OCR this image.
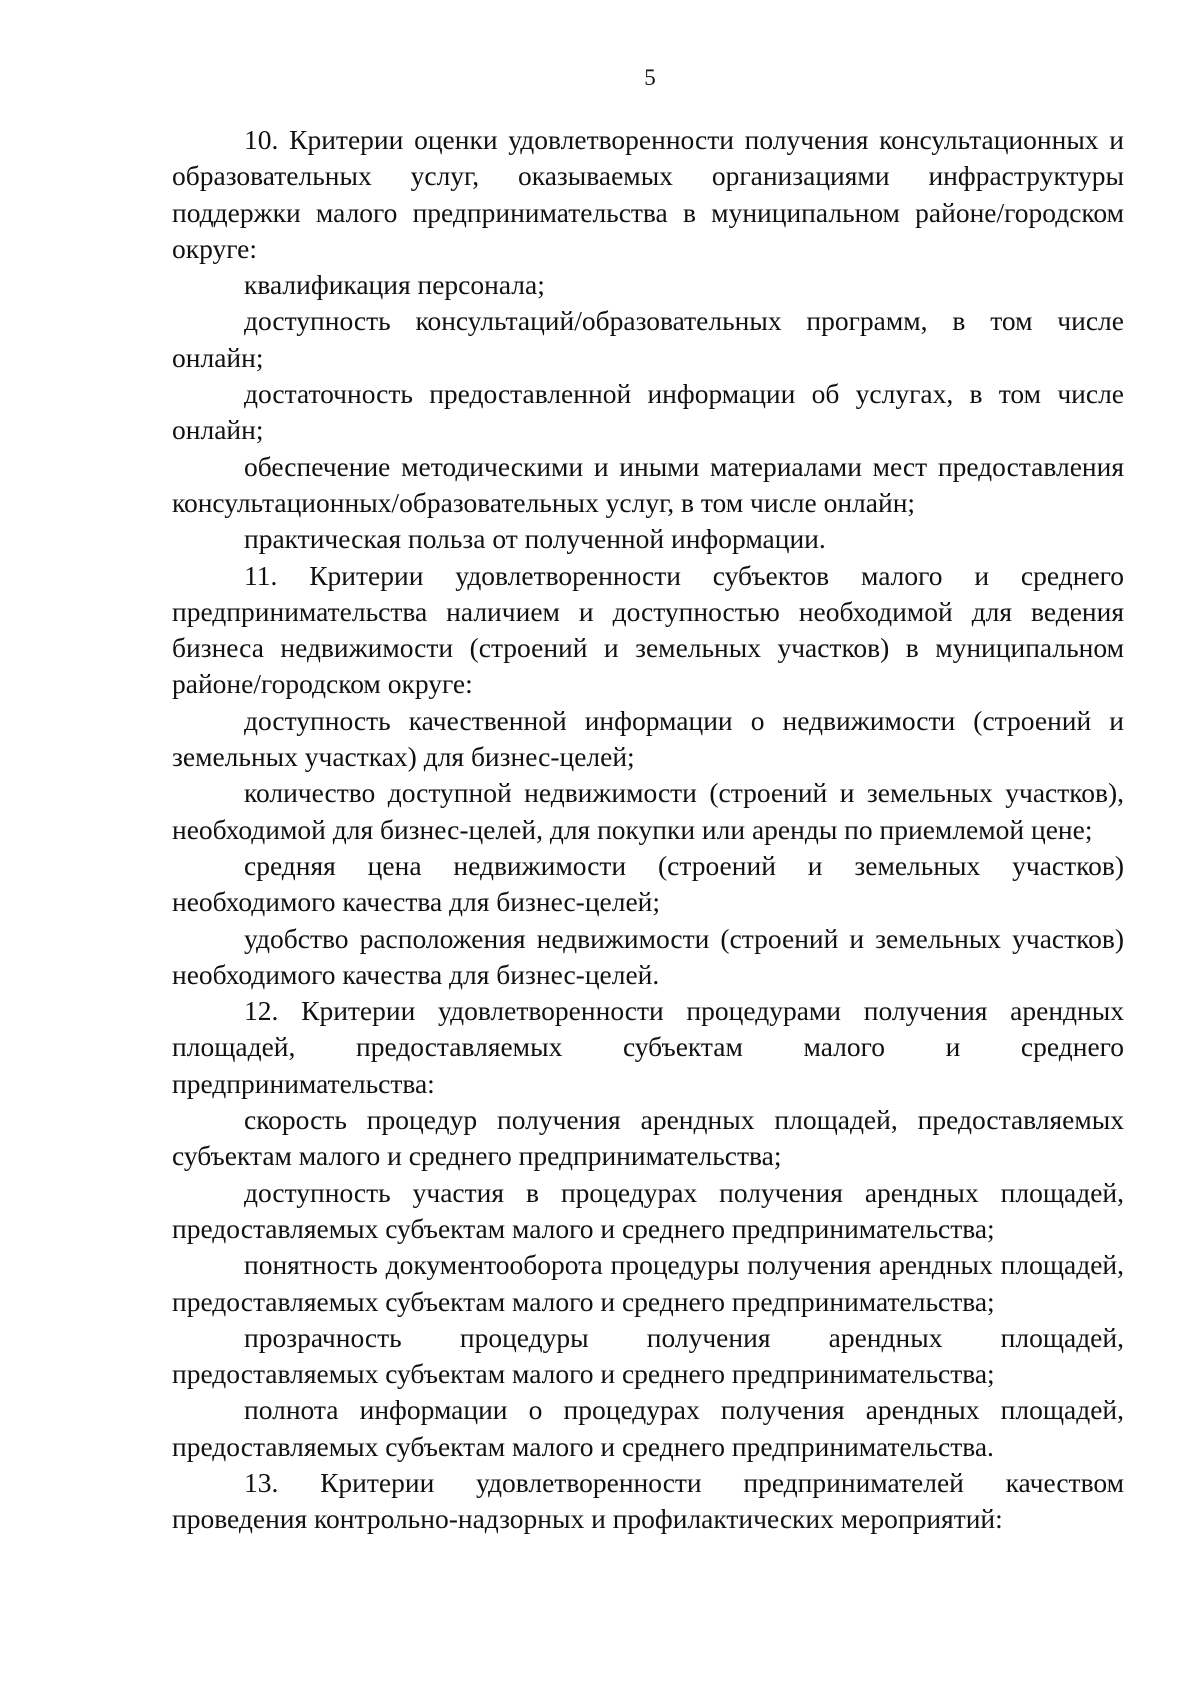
5

10. Критерии оценки удовлетворенности получения консультационных и образовательных услуг, оказываемых организациями инфраструктуры поддержки малого предпринимательства в муниципальном районе/городском округе:

квалификация персонала;

доступность консультаций/образовательных программ, в том числе онлайн;

достаточность предоставленной информации об услугах, в том числе онлайн;

обеспечение методическими и иными материалами мест предоставления консультационных/образовательных услуг, в том числе онлайн;

практическая польза от полученной информации.

11. Критерии удовлетворенности субъектов малого и среднего предпринимательства наличием и доступностью необходимой для ведения бизнеса недвижимости (строений и земельных участков) в муниципальном районе/городском округе:

доступность качественной информации о недвижимости (строений и земельных участках) для бизнес-целей;

количество доступной недвижимости (строений и земельных участков), необходимой для бизнес-целей, для покупки или аренды по приемлемой цене;

средняя цена недвижимости (строений и земельных участков) необходимого качества для бизнес-целей;

удобство расположения недвижимости (строений и земельных участков) необходимого качества для бизнес-целей.

12. Критерии удовлетворенности процедурами получения арендных площадей, предоставляемых субъектам малого и среднего предпринимательства:

скорость процедур получения арендных площадей, предоставляемых субъектам малого и среднего предпринимательства;

доступность участия в процедурах получения арендных площадей, предоставляемых субъектам малого и среднего предпринимательства;

понятность документооборота процедуры получения арендных площадей, предоставляемых субъектам малого и среднего предпринимательства;

прозрачность процедуры получения арендных площадей, предоставляемых субъектам малого и среднего предпринимательства;

полнота информации о процедурах получения арендных площадей, предоставляемых субъектам малого и среднего предпринимательства.

13. Критерии удовлетворенности предпринимателей качеством проведения контрольно-надзорных и профилактических мероприятий:
